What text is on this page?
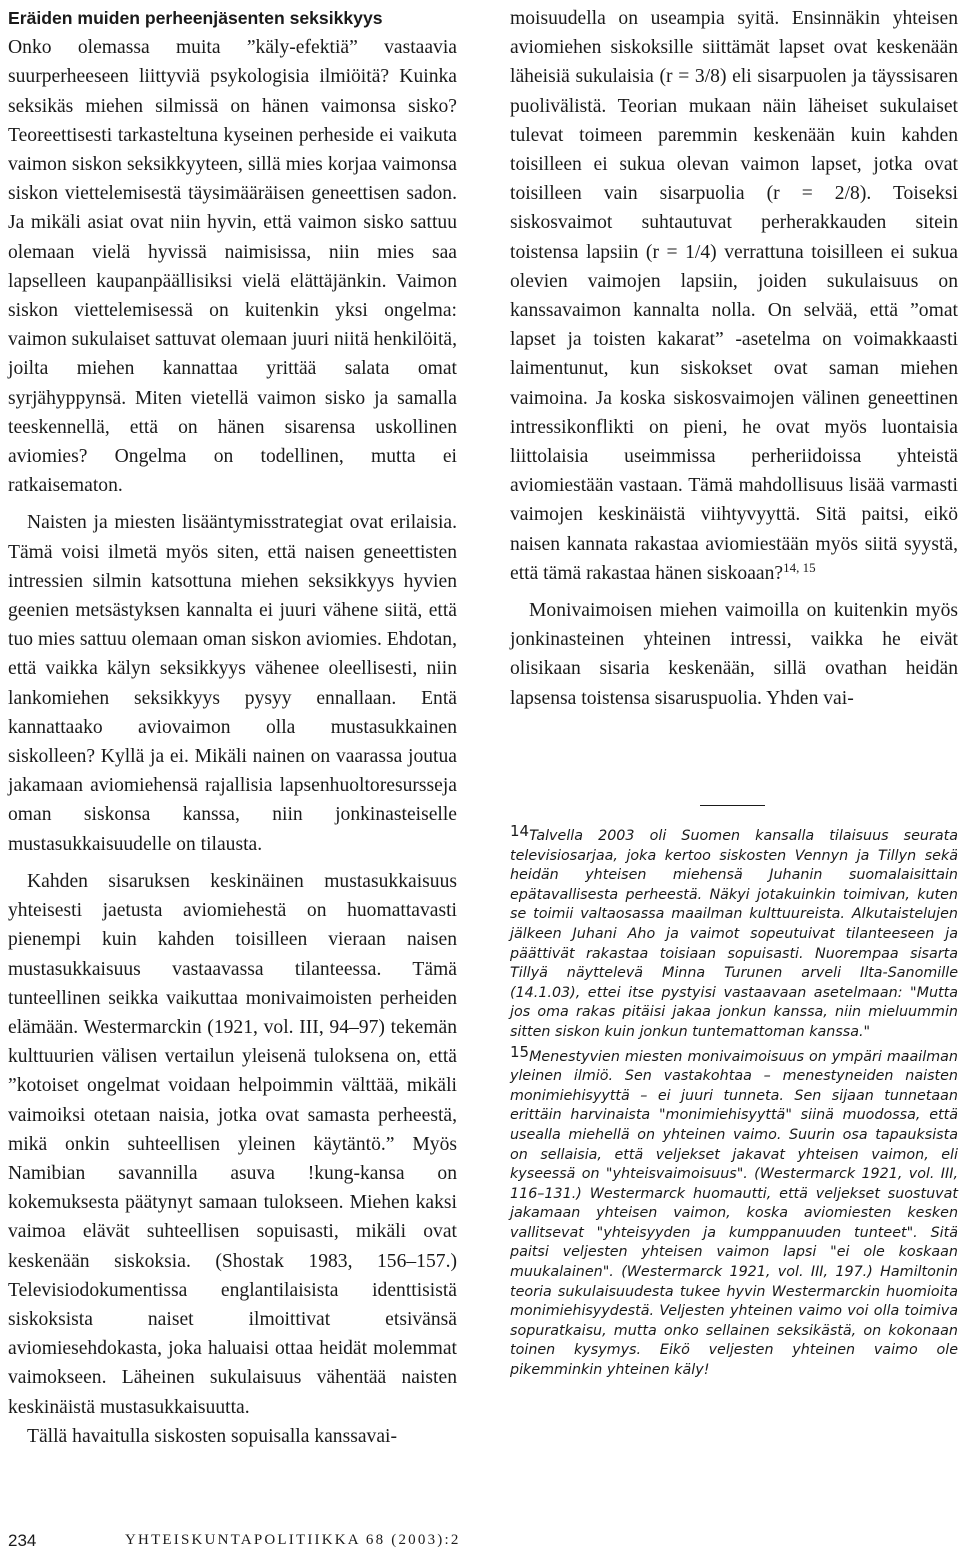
Eräiden muiden perheenjäsenten seksikkyys

Onko olemassa muita ”käly-efektiä” vastaavia suurperheeseen liittyviä psykologisia ilmiöitä? Kuinka seksikäs miehen silmissä on hänen vaimonsa sisko? Teoreettisesti tarkasteltuna kyseinen perheside ei vaikuta vaimon siskon seksikkyyteen, sillä mies korjaa vaimonsa siskon viettelemisestä täysimääräisen geneettisen sadon. Ja mikäli asiat ovat niin hyvin, että vaimon sisko sattuu olemaan vielä hyvissä naimisissa, niin mies saa lapselleen kaupanpäällisiksi vielä elättäjänkin. Vaimon siskon viettelemisessä on kuitenkin yksi ongelma: vaimon sukulaiset sattuvat olemaan juuri niitä henkilöitä, joilta miehen kannattaa yrittää salata omat syrjähyppynsä. Miten vietellä vaimon sisko ja samalla teeskennellä, että on hänen sisarensa uskollinen aviomies? Ongelma on todellinen, mutta ei ratkaisematon.

Naisten ja miesten lisääntymisstrategiat ovat erilaisia. Tämä voisi ilmetä myös siten, että naisen geneettisten intressien silmin katsottuna miehen seksikkyys hyvien geenien metsästyksen kannalta ei juuri vähene siitä, että tuo mies sattuu olemaan oman siskon aviomies. Ehdotan, että vaikka kälyn seksikkyys vähenee oleellisesti, niin lankomiehen seksikkyys pysyy ennallaan. Entä kannattaako aviovaimon olla mustasukkainen siskolleen? Kyllä ja ei. Mikäli nainen on vaarassa joutua jakamaan aviomiehensä rajallisia lapsenhuoltoresursseja oman siskonsa kanssa, niin jonkinasteiselle mustasukkaisuudelle on tilausta.

Kahden sisaruksen keskinäinen mustasukkaisuus yhteisesti jaetusta aviomiehestä on huomattavasti pienempi kuin kahden toisilleen vieraan naisen mustasukkaisuus vastaavassa tilanteessa. Tämä tunteellinen seikka vaikuttaa monivaimoisten perheiden elämään. Westermarckin (1921, vol. III, 94–97) tekemän kulttuurien välisen vertailun yleisenä tuloksena on, että ”kotoiset ongelmat voidaan helpoimmin välttää, mikäli vaimoiksi otetaan naisia, jotka ovat samasta perheestä, mikä onkin suhteellisen yleinen käytäntö.” Myös Namibian savannilla asuva !kung-kansa on kokemuksesta päätynyt samaan tulokseen. Miehen kaksi vaimoa elävät suhteellisen sopuisasti, mikäli ovat keskenään siskoksia. (Shostak 1983, 156–157.) Televisiodokumentissa englantilaisista identtisistä siskoksista naiset ilmoittivat etsivänsä aviomiesehdokasta, joka haluaisi ottaa heidät molemmat vaimokseen. Läheinen sukulaisuus vähentää naisten keskinäistä mustasukkaisuutta.

Tällä havaitulla siskosten sopuisalla kanssavai-

moisuudella on useampia syitä. Ensinnäkin yhteisen aviomiehen siskoksille siittämät lapset ovat keskenään läheisiä sukulaisia (r = 3/8) eli sisarpuolen ja täyssisaren puolivälistä. Teorian mukaan näin läheiset sukulaiset tulevat toimeen paremmin keskenään kuin kahden toisilleen ei sukua olevan vaimon lapset, jotka ovat toisilleen vain sisarpuolia (r = 2/8). Toiseksi siskosvaimot suhtautuvat perherakkauden sitein toistensa lapsiin (r = 1/4) verrattuna toisilleen ei sukua olevien vaimojen lapsiin, joiden sukulaisuus on kanssavaimon kannalta nolla. On selvää, että ”omat lapset ja toisten kakarat” -asetelma on voimakkaasti laimentunut, kun siskokset ovat saman miehen vaimoina. Ja koska siskosvaimojen välinen geneettinen intressikonflikti on pieni, he ovat myös luontaisia liittolaisia useimmissa perheriidoissa yhteistä aviomiestään vastaan. Tämä mahdollisuus lisää varmasti vaimojen keskinäistä viihtyvyyttä. Sitä paitsi, eikö naisen kannata rakastaa aviomiestään myös siitä syystä, että tämä rakastaa hänen siskoaan?$^{14, 15}$

Monivaimoisen miehen vaimoilla on kuitenkin myös jonkinasteinen yhteinen intressi, vaikka he eivät olisikaan sisaria keskenään, sillä ovathan heidän lapsensa toistensa sisaruspuolia. Yhden vai-

14Talvella 2003 oli Suomen kansalla tilaisuus seurata televisiosarjaa, joka kertoo siskosten Vennyn ja Tillyn sekä heidän yhteisen miehensä Juhanin suomalaisittain epätavallisesta perheestä. Näkyi jotakuinkin toimivan, kuten se toimii valtaosassa maailman kulttuureista. Alkutaistelujen jälkeen Juhani Aho ja vaimot sopeutuivat tilanteeseen ja päättivät rakastaa toisiaan sopuisasti. Nuorempaa sisarta Tillyä näyttelevä Minna Turunen arveli Ilta-Sanomille (14.1.03), ettei itse pystyisi vastaavaan asetelmaan: "Mutta jos oma rakas pitäisi jakaa jonkun kanssa, niin mieluummin sitten siskon kuin jonkun tuntemattoman kanssa."

15Menestyvien miesten monivaimoisuus on ympäri maailman yleinen ilmiö. Sen vastakohtaa – menestyneiden naisten monimiehisyyttä – ei juuri tunneta. Sen sijaan tunnetaan erittäin harvinaista "monimiehisyyttä" siinä muodossa, että usealla miehellä on yhteinen vaimo. Suurin osa tapauksista on sellaisia, että veljekset jakavat yhteisen vaimon, eli kyseessä on "yhteisvaimoisuus". (Westermarck 1921, vol. III, 116–131.) Westermarck huomautti, että veljekset suostuvat jakamaan yhteisen vaimon, koska aviomiesten kesken vallitsevat "yhteisyyden ja kumppanuuden tunteet". Sitä paitsi veljesten yhteisen vaimon lapsi "ei ole koskaan muukalainen". (Westermarck 1921, vol. III, 197.) Hamiltonin teoria sukulaisuudesta tukee hyvin Westermarckin huomioita monimiehisyydestä. Veljesten yhteinen vaimo voi olla toimiva sopuratkaisu, mutta onko sellainen seksikästä, on kokonaan toinen kysymys. Eikö veljesten yhteinen vaimo ole pikemminkin yhteinen käly!

234	YHTEISKUNTAPOLITIIKKA 68 (2003):2
